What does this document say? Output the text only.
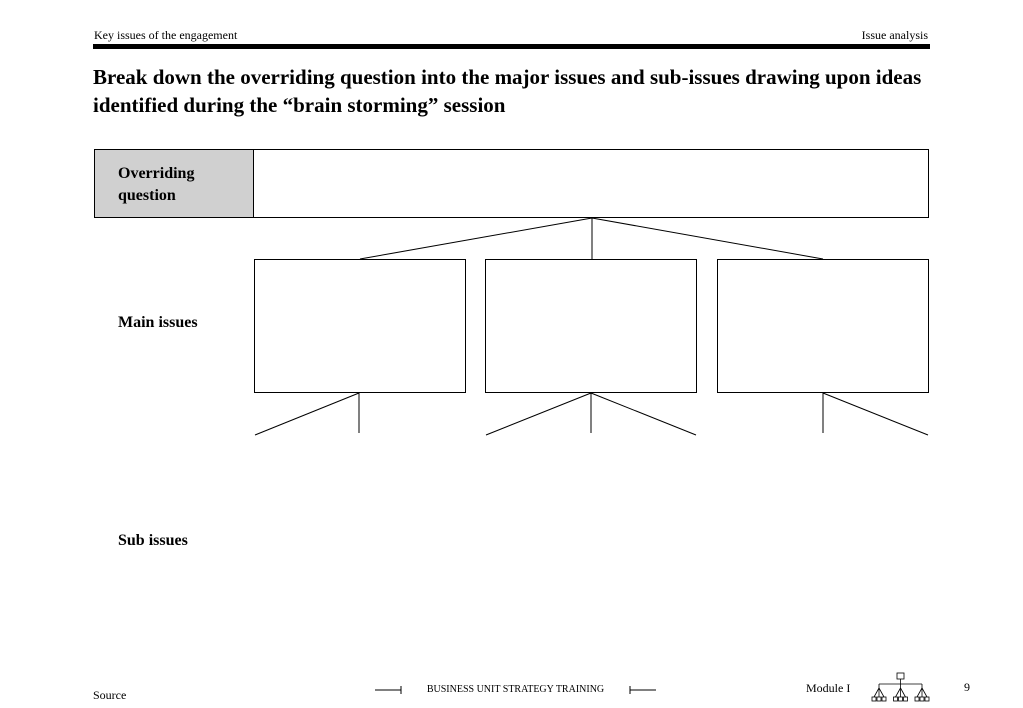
Key issues of the engagement	Issue analysis
Break down the overriding question into the major issues and sub-issues drawing upon ideas identified during the “brain storming” session
Overriding question
Main issues
Sub issues
Source	BUSINESS UNIT STRATEGY TRAINING	Module I	9
